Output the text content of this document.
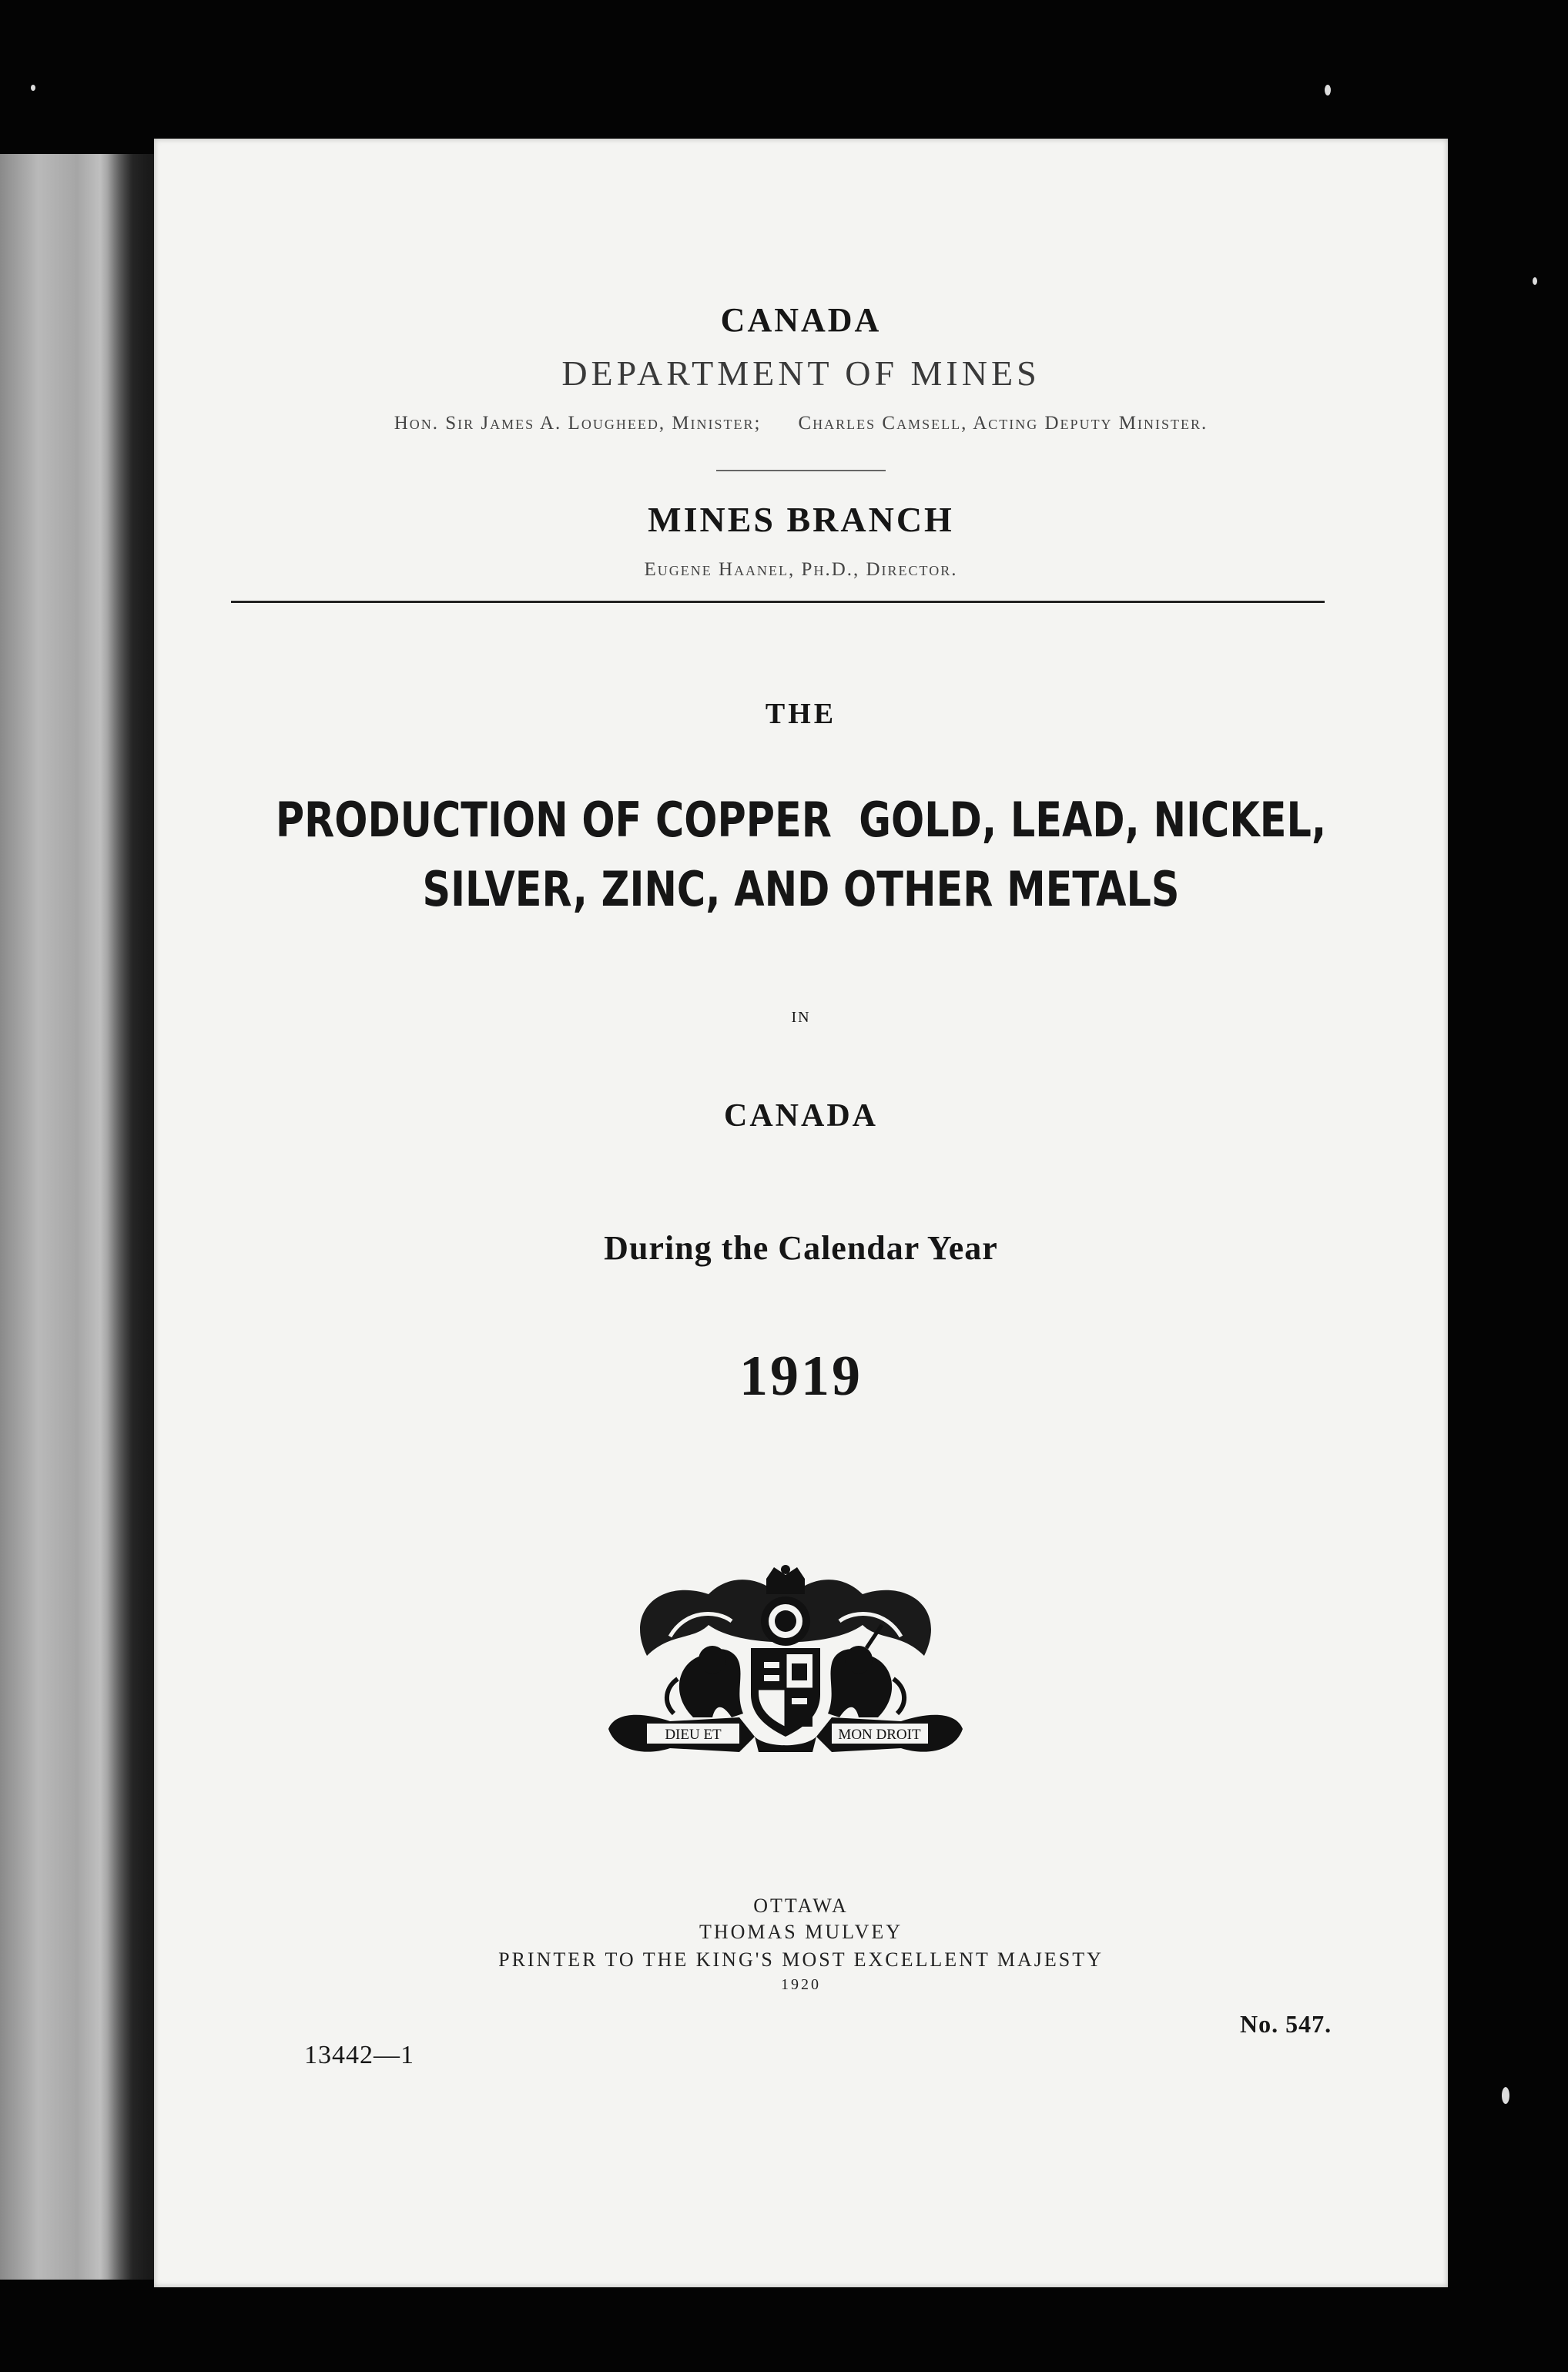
CANADA
DEPARTMENT OF MINES
Hon. Sir James A. Lougheed, Minister; Charles Camsell, Acting Deputy Minister.
MINES BRANCH
Eugene Haanel, Ph.D., Director.
THE
PRODUCTION OF COPPER  GOLD, LEAD, NICKEL,
SILVER, ZINC, AND OTHER METALS
IN
CANADA
During the Calendar Year
1919
DIEU ET	MON DROIT
OTTAWA
THOMAS MULVEY
PRINTER TO THE KING'S MOST EXCELLENT MAJESTY
1920
No. 547.
13442—1
